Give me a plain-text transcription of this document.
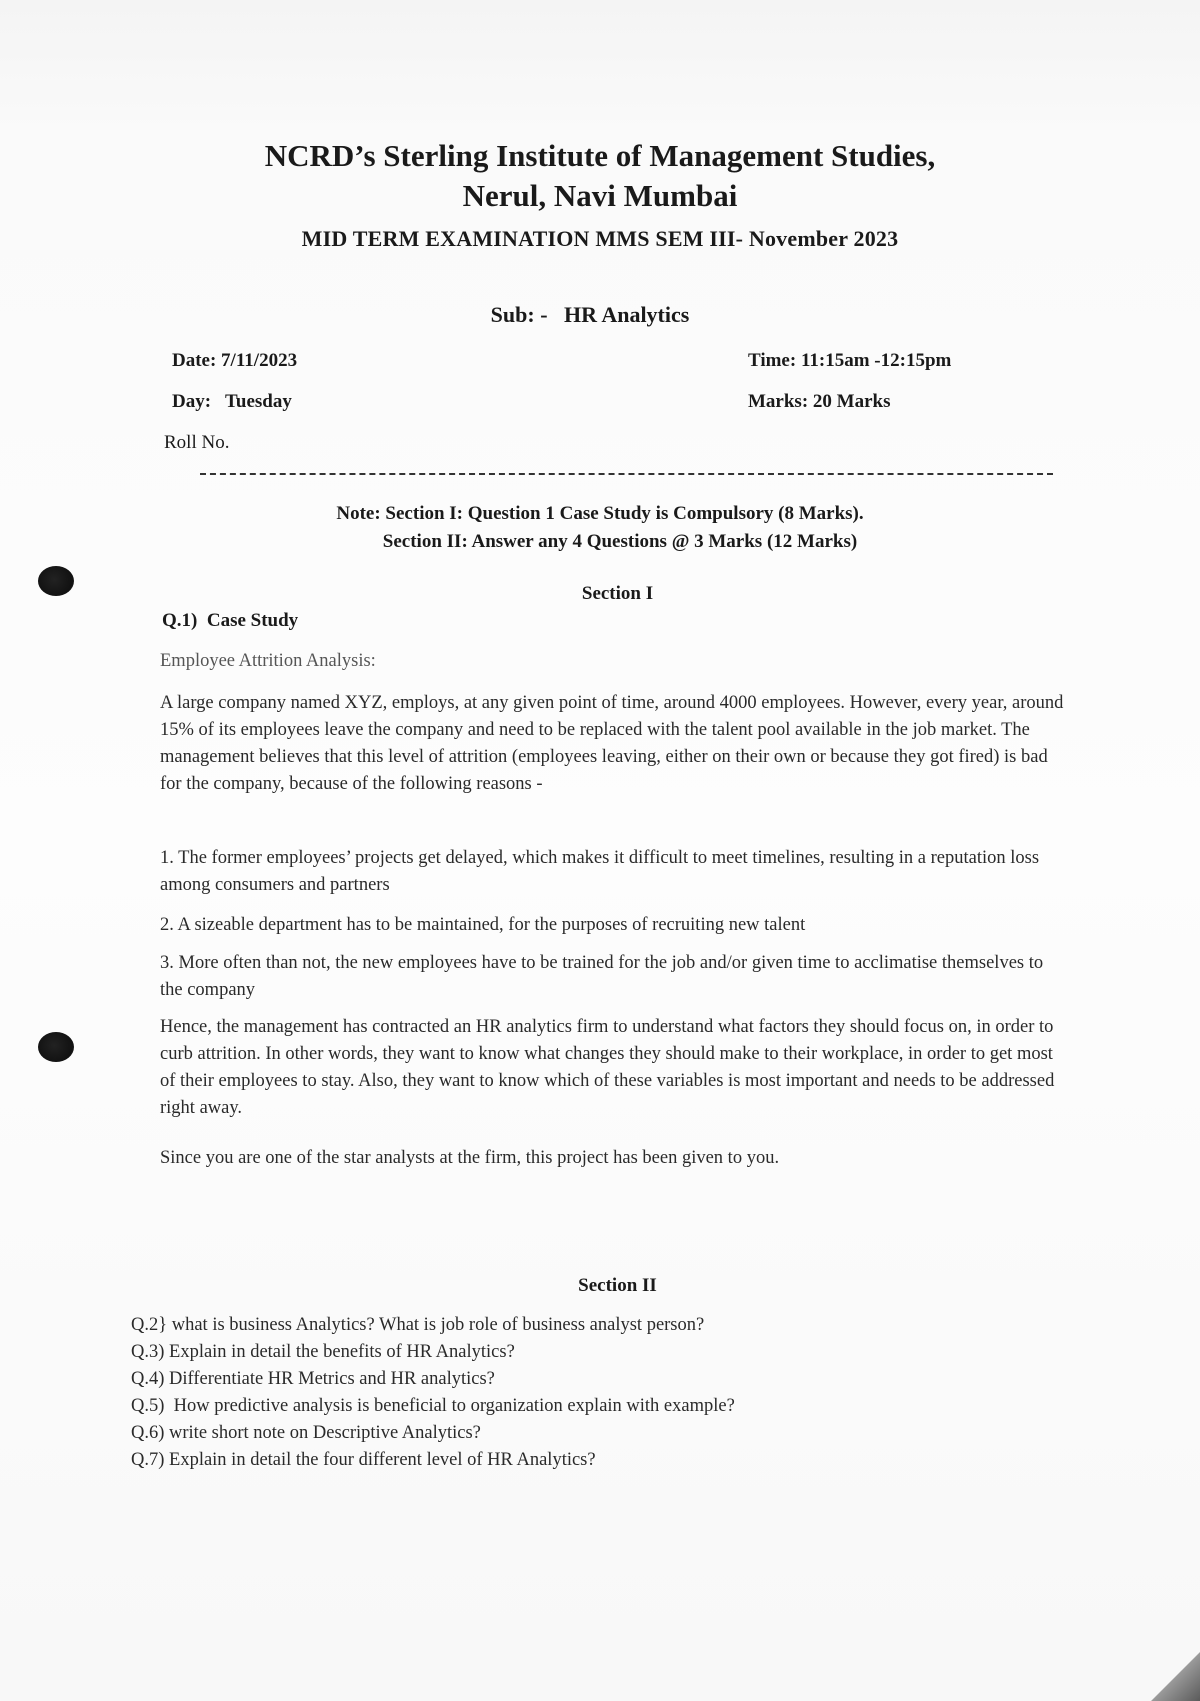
NCRD’s Sterling Institute of Management Studies,
Nerul, Navi Mumbai
MID TERM EXAMINATION MMS SEM III- November 2023
Sub: -   HR Analytics
Date: 7/11/2023
Day:   Tuesday
Roll No.
Time: 11:15am -12:15pm
Marks: 20 Marks
Note: Section I: Question 1 Case Study is Compulsory (8 Marks).
Section II: Answer any 4 Questions @ 3 Marks (12 Marks)
Section I
Q.1)  Case Study
Employee Attrition Analysis:

A large company named XYZ, employs, at any given point of time, around 4000 employees. However, every year, around 15% of its employees leave the company and need to be replaced with the talent pool available in the job market. The management believes that this level of attrition (employees leaving, either on their own or because they got fired) is bad for the company, because of the following reasons -

1. The former employees’ projects get delayed, which makes it difficult to meet timelines, resulting in a reputation loss among consumers and partners
2. A sizeable department has to be maintained, for the purposes of recruiting new talent
3. More often than not, the new employees have to be trained for the job and/or given time to acclimatise themselves to the company
Hence, the management has contracted an HR analytics firm to understand what factors they should focus on, in order to curb attrition. In other words, they want to know what changes they should make to their workplace, in order to get most of their employees to stay. Also, they want to know which of these variables is most important and needs to be addressed right away.
Since you are one of the star analysts at the firm, this project has been given to you.
Section II
Q.2} what is business Analytics? What is job role of business analyst person?
Q.3) Explain in detail the benefits of HR Analytics?
Q.4) Differentiate HR Metrics and HR analytics?
Q.5)  How predictive analysis is beneficial to organization explain with example?
Q.6) write short note on Descriptive Analytics?
Q.7) Explain in detail the four different level of HR Analytics?
